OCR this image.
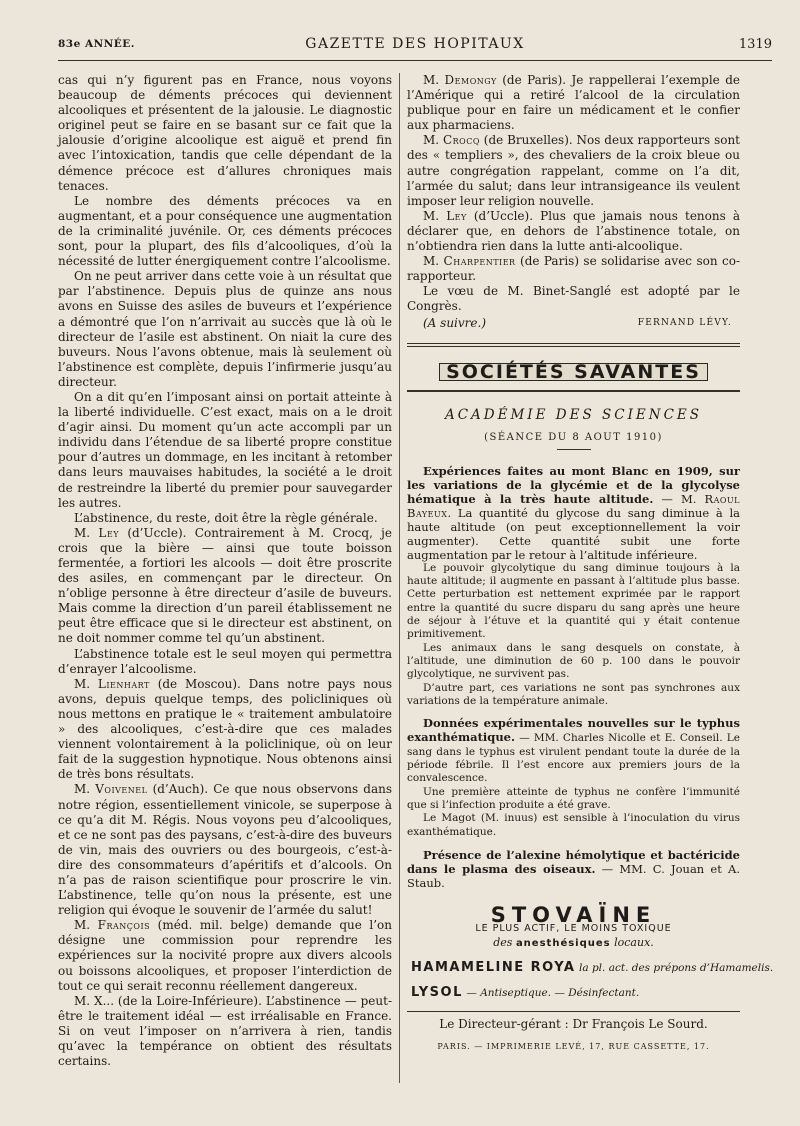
83e ANNÉE.	GAZETTE DES HOPITAUX	1319

cas qui n’y figurent pas en France, nous voyons beaucoup de déments précoces qui deviennent alcooliques et présentent de la jalousie. Le diagnostic originel peut se faire en se basant sur ce fait que la jalousie d’origine alcoolique est aiguë et prend fin avec l’intoxication, tandis que celle dépendant de la démence précoce est d’allures chroniques mais tenaces.

Le nombre des déments précoces va en augmentant, et a pour conséquence une augmentation de la criminalité juvénile. Or, ces déments précoces sont, pour la plupart, des fils d’alcooliques, d’où la nécessité de lutter énergiquement contre l’alcoolisme.

On ne peut arriver dans cette voie à un résultat que par l’abstinence. Depuis plus de quinze ans nous avons en Suisse des asiles de buveurs et l’expérience a démontré que l’on n’arrivait au succès que là où le directeur de l’asile est abstinent. On niait la cure des buveurs. Nous l’avons obtenue, mais là seulement où l’abstinence est complète, depuis l’infirmerie jusqu’au directeur.

On a dit qu’en l’imposant ainsi on portait atteinte à la liberté individuelle. C’est exact, mais on a le droit d’agir ainsi. Du moment qu’un acte accompli par un individu dans l’étendue de sa liberté propre constitue pour d’autres un dommage, en les incitant à retomber dans leurs mauvaises habitudes, la société a le droit de restreindre la liberté du premier pour sauvegarder les autres.

L’abstinence, du reste, doit être la règle générale.

M. Ley (d’Uccle). Contrairement à M. Crocq, je crois que la bière — ainsi que toute boisson fermentée, a fortiori les alcools — doit être proscrite des asiles, en commençant par le directeur. On n’oblige personne à être directeur d’asile de buveurs. Mais comme la direction d’un pareil établissement ne peut être efficace que si le directeur est abstinent, on ne doit nommer comme tel qu’un abstinent.

L’abstinence totale est le seul moyen qui permettra d’enrayer l’alcoolisme.

M. Lienhart (de Moscou). Dans notre pays nous avons, depuis quelque temps, des policliniques où nous mettons en pratique le « traitement ambulatoire » des alcooliques, c’est-à-dire que ces malades viennent volontairement à la policlinique, où on leur fait de la suggestion hypnotique. Nous obtenons ainsi de très bons résultats.

M. Voivenel (d’Auch). Ce que nous observons dans notre région, essentiellement vinicole, se superpose à ce qu’a dit M. Régis. Nous voyons peu d’alcooliques, et ce ne sont pas des paysans, c’est-à-dire des buveurs de vin, mais des ouvriers ou des bourgeois, c’est-à-dire des consommateurs d’apéritifs et d’alcools. On n’a pas de raison scientifique pour proscrire le vin. L’abstinence, telle qu’on nous la présente, est une religion qui évoque le souvenir de l’armée du salut!

M. François (méd. mil. belge) demande que l’on désigne une commission pour reprendre les expériences sur la nocivité propre aux divers alcools ou boissons alcooliques, et proposer l’interdiction de tout ce qui serait reconnu réellement dangereux.

M. X... (de la Loire-Inférieure). L’abstinence — peut-être le traitement idéal — est irréalisable en France. Si on veut l’imposer on n’arrivera à rien, tandis qu’avec la tempérance on obtient des résultats certains.

M. Demongy (de Paris). Je rappellerai l’exemple de l’Amérique qui a retiré l’alcool de la circulation publique pour en faire un médicament et le confier aux pharmaciens.

M. Crocq (de Bruxelles). Nos deux rapporteurs sont des « templiers », des chevaliers de la croix bleue ou autre congrégation rappelant, comme on l’a dit, l’armée du salut; dans leur intransigeance ils veulent imposer leur religion nouvelle.

M. Ley (d’Uccle). Plus que jamais nous tenons à déclarer que, en dehors de l’abstinence totale, on n’obtiendra rien dans la lutte anti-alcoolique.

M. Charpentier (de Paris) se solidarise avec son co-rapporteur.

Le vœu de M. Binet-Sanglé est adopté par le Congrès.

(A suivre.)	FERNAND LÉVY.
SOCIÉTÉS SAVANTES
ACADÉMIE DES SCIENCES
(SÉANCE DU 8 AOUT 1910)

Expériences faites au mont Blanc en 1909, sur les variations de la glycémie et de la glycolyse hématique à la très haute altitude. — M. Raoul Bayeux. La quantité du glycose du sang diminue à la haute altitude (on peut exceptionnellement la voir augmenter). Cette quantité subit une forte augmentation par le retour à l’altitude inférieure.

Le pouvoir glycolytique du sang diminue toujours à la haute altitude; il augmente en passant à l’altitude plus basse. Cette perturbation est nettement exprimée par le rapport entre la quantité du sucre disparu du sang après une heure de séjour à l’étuve et la quantité qui y était contenue primitivement.

Les animaux dans le sang desquels on constate, à l’altitude, une diminution de 60 p. 100 dans le pouvoir glycolytique, ne survivent pas.

D’autre part, ces variations ne sont pas synchrones aux variations de la température animale.

Données expérimentales nouvelles sur le typhus exanthématique. — MM. Charles Nicolle et E. Conseil. Le sang dans le typhus est virulent pendant toute la durée de la période fébrile. Il l’est encore aux premiers jours de la convalescence.

Une première atteinte de typhus ne confère l’immunité que si l’infection produite a été grave.

Le Magot (M. inuus) est sensible à l’inoculation du virus exanthématique.

Présence de l’alexine hémolytique et bactéricide dans le plasma des oiseaux. — MM. C. Jouan et A. Staub.

STOVAÏNE
LE PLUS ACTIF, LE MOINS TOXIQUE
des anesthésiques locaux.
HAMAMELINE ROYA la pl. act. des prépons d’Hamamelis.
LYSOL — Antiseptique. — Désinfectant.
Le Directeur-gérant : Dr François Le Sourd.
PARIS. — IMPRIMERIE LEVÉ, 17, RUE CASSETTE, 17.
